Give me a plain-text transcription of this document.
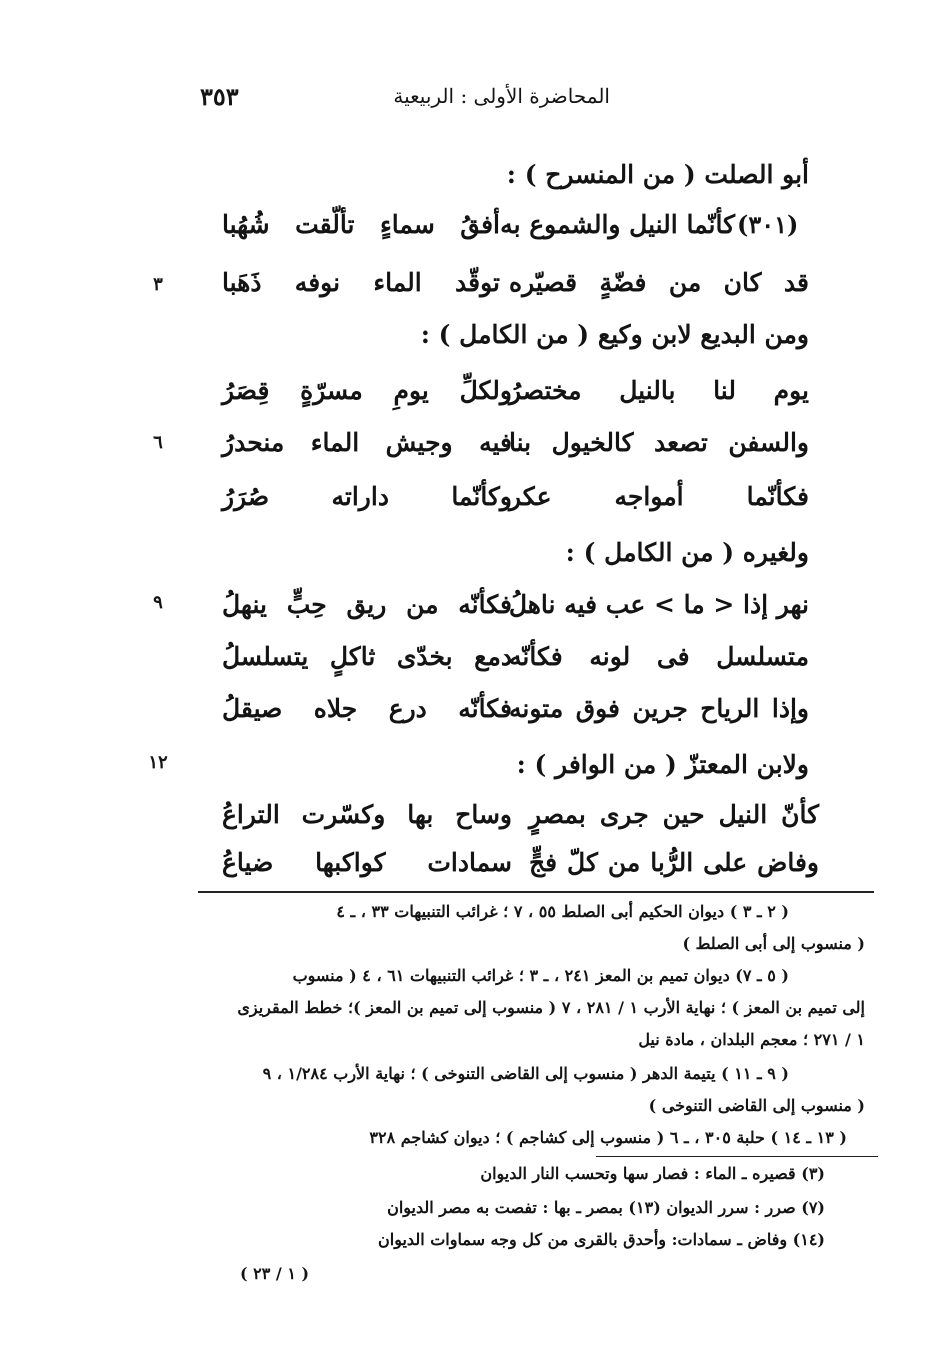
المحاضرة الأولى : الربيعية
٣٥٣
أبو الصلت ( من المنسرح ) :
(٣٠١)
كأنّما النيل والشموع به
أفقُ سماءٍ تألّقت شُهُبا
قد كان من فضّةٍ قصيّره
توقّد الماء نوفه ذَهَبا
٣
ومن البديع لابن وكيع ( من الكامل ) :
يوم لنا بالنيل مختصرُ
ولكلِّ يومِ مسرّةٍ قِصَرُ
والسفن تصعد كالخيول بنا
فيه وجيش الماء منحدرُ
٦
فكأنّما أمواجه عكر
وكأنّما داراته صُرَرُ
ولغيره ( من الكامل ) :
نهر إذا < ما > عب فيه ناهلُ
فكأنّه من ريق حِبٍّ ينهلُ
٩
متسلسل فى لونه فكأنّه
دمع بخدّى ثاكلٍ يتسلسلُ
وإذا الرياح جرين فوق متونه
فكأنّه درع جلاه صيقلُ
ولابن المعتزّ ( من الوافر ) :
١٢
كأنّ النيل حين جرى بمصرٍ
وساح بها وكسّرت التراعُ
وفاض على الرُّبا من كلّ فجٍّ
سمادات كواكبها ضياعُ
( ٢ ـ ٣ ) ديوان الحكيم أبى الصلط ٥٥ ، ٧ ؛ غرائب التنبيهات ٣٣ ، ـ ٤
( منسوب إلى أبى الصلط )
( ٥ ـ ٧) ديوان تميم بن المعز ٢٤١ ، ـ ٣ ؛ غرائب التنبيهات ٦١ ، ٤ ( منسوب
إلى تميم بن المعز ) ؛ نهاية الأرب ١ / ٢٨١ ، ٧ ( منسوب إلى تميم بن المعز )؛ خطط المقريزى
١ / ٢٧١ ؛ معجم البلدان ، مادة نيل
( ٩ ـ ١١ ) يتيمة الدهر ( منسوب إلى القاضى التنوخى ) ؛ نهاية الأرب ١/٢٨٤ ، ٩
( منسوب إلى القاضى التنوخى )
( ١٣ ـ ١٤ ) حلبة ٣٠٥ ، ـ ٦ ( منسوب إلى كشاجم ) ؛ ديوان كشاجم ٣٢٨
(٣) قصيره ـ الماء : فصار سها وتحسب النار الديوان
(٧) صرر : سرر الديوان (١٣) بمصر ـ بها : تفصت به مصر الديوان
(١٤) وفاض ـ سمادات: وأحدق بالقرى من كل وجه سماوات الديوان
( ١ / ٢٣ )
